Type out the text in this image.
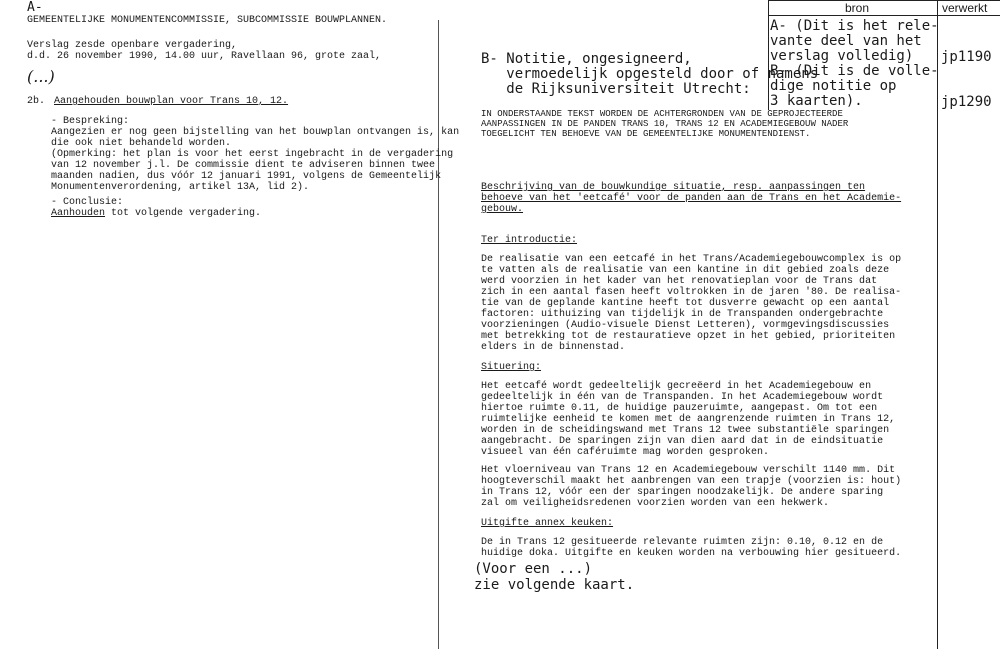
bron	verwerkt
A- (Dit is het rele-
vante deel van het
verslag volledig)
B- (Dit is de volle-
dige notitie op
3 kaarten).
jp1190
jp1290
A-
GEMEENTELIJKE MONUMENTENCOMMISSIE, SUBCOMMISSIE BOUWPLANNEN.
Verslag zesde openbare vergadering,
d.d. 26 november 1990, 14.00 uur, Ravellaan 96, grote zaal,
(...)
2b. Aangehouden bouwplan voor Trans 10, 12.
- Bespreking:
Aangezien er nog geen bijstelling van het bouwplan ontvangen is, kan
die ook niet behandeld worden.
(Opmerking: het plan is voor het eerst ingebracht in de vergadering
van 12 november j.l. De commissie dient te adviseren binnen twee
maanden nadien, dus vóór 12 januari 1991, volgens de Gemeentelijk
Monumentenverordening, artikel 13A, lid 2).
- Conclusie:
Aanhouden tot volgende vergadering.
B- Notitie, ongesigneerd,
vermoedelijk opgesteld door of namens
de Rijksuniversiteit Utrecht:
IN ONDERSTAANDE TEKST WORDEN DE ACHTERGRONDEN VAN DE GEPROJECTEERDE
AANPASSINGEN IN DE PANDEN TRANS 10, TRANS 12 EN ACADEMIEGEBOUW NADER
TOEGELICHT TEN BEHOEVE VAN DE GEMEENTELIJKE MONUMENTENDIENST.
Beschrijving van de bouwkundige situatie, resp. aanpassingen ten
behoeve van het 'eetcafé' voor de panden aan de Trans en het Academie-
gebouw.
Ter introductie:
De realisatie van een eetcafé in het Trans/Academiegebouwcomplex is op
te vatten als de realisatie van een kantine in dit gebied zoals deze
werd voorzien in het kader van het renovatieplan voor de Trans dat
zich in een aantal fasen heeft voltrokken in de jaren '80. De realisa-
tie van de geplande kantine heeft tot dusverre gewacht op een aantal
factoren: uithuizing van tijdelijk in de Transpanden ondergebrachte
voorzieningen (Audio-visuele Dienst Letteren), vormgevingsdiscussies
met betrekking tot de restauratieve opzet in het gebied, prioriteiten
elders in de binnenstad.
Situering:
Het eetcafé wordt gedeeltelijk gecreëerd in het Academiegebouw en
gedeeltelijk in één van de Transpanden. In het Academiegebouw wordt
hiertoe ruimte 0.11, de huidige pauzeruimte, aangepast. Om tot een
ruimtelijke eenheid te komen met de aangrenzende ruimten in Trans 12,
worden in de scheidingswand met Trans 12 twee substantiële sparingen
aangebracht. De sparingen zijn van dien aard dat in de eindsituatie
visueel van één caféruimte mag worden gesproken.
Het vloerniveau van Trans 12 en Academiegebouw verschilt 1140 mm. Dit
hoogteverschil maakt het aanbrengen van een trapje (voorzien is: hout)
in Trans 12, vóór een der sparingen noodzakelijk. De andere sparing
zal om veiligheidsredenen voorzien worden van een hekwerk.
Uitgifte annex keuken:
De in Trans 12 gesitueerde relevante ruimten zijn: 0.10, 0.12 en de
huidige doka. Uitgifte en keuken worden na verbouwing hier gesitueerd.
(Voor een ...)
zie volgende kaart.
